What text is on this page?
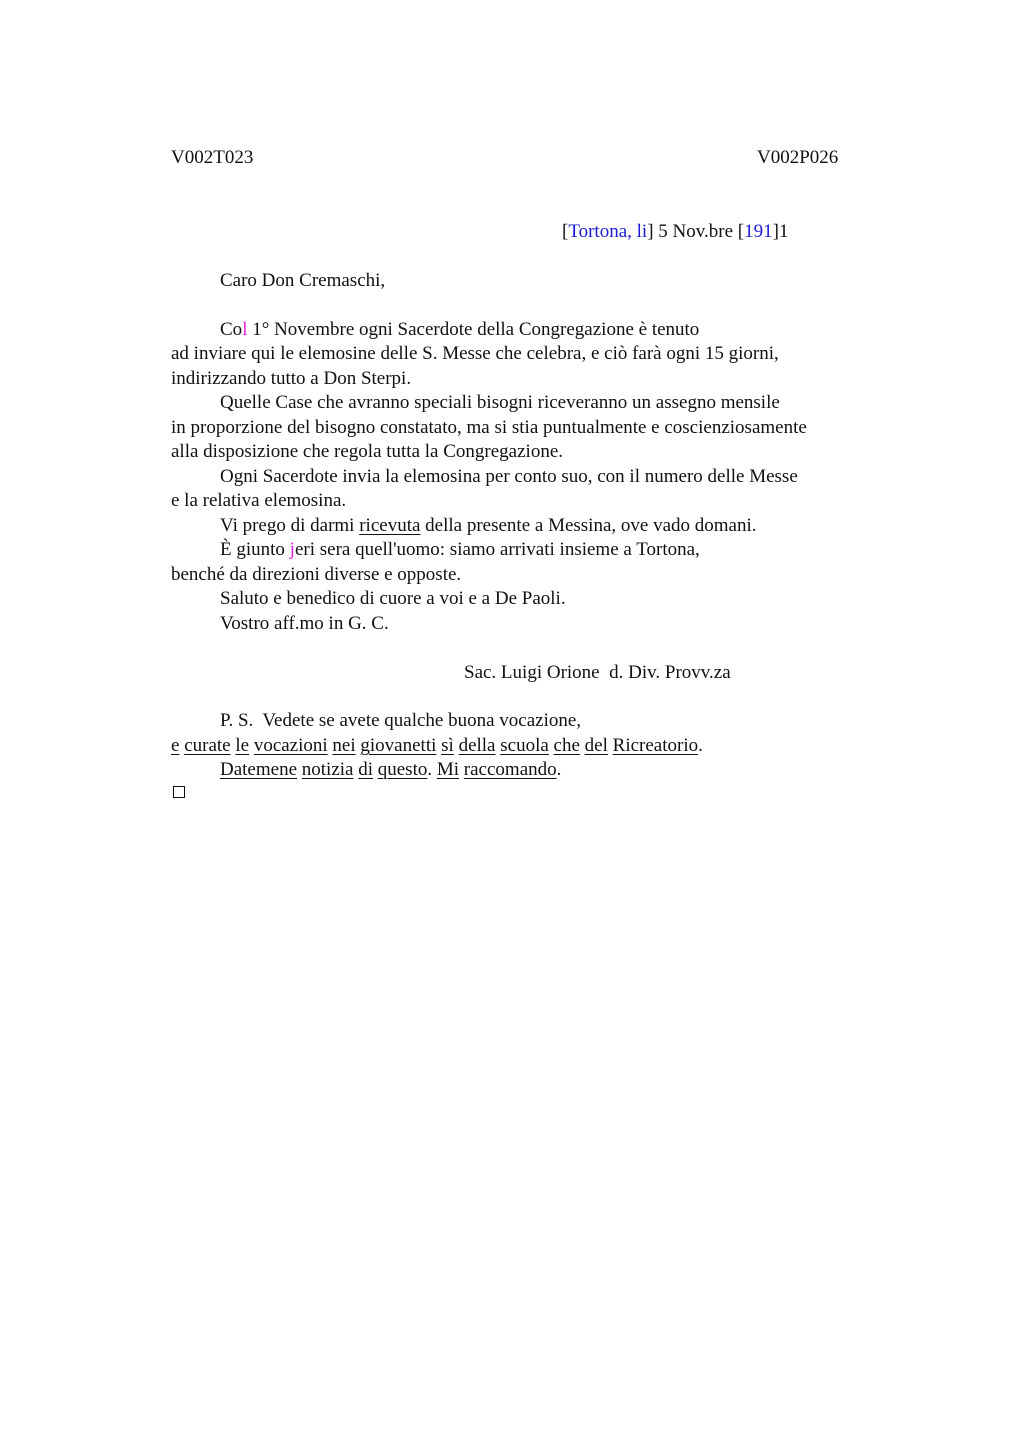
V002T023	V002P026
[Tortona, li] 5 Nov.bre [191]1
Caro Don Cremaschi,
Col 1° Novembre ogni Sacerdote della Congregazione è tenuto
ad inviare qui le elemosine delle S. Messe che celebra, e ciò farà ogni 15 giorni,
indirizzando tutto a Don Sterpi.
Quelle Case che avranno speciali bisogni riceveranno un assegno mensile
in proporzione del bisogno constatato, ma si stia puntualmente e coscienziosamente
alla disposizione che regola tutta la Congregazione.
Ogni Sacerdote invia la elemosina per conto suo, con il numero delle Messe
e la relativa elemosina.
Vi prego di darmi ricevuta della presente a Messina, ove vado domani.
È giunto jeri sera quell'uomo: siamo arrivati insieme a Tortona,
benché da direzioni diverse e opposte.
Saluto e benedico di cuore a voi e a De Paoli.
Vostro aff.mo in G. C.
Sac. Luigi Orione  d. Div. Provv.za
P. S.  Vedete se avete qualche buona vocazione,
e curate le vocazioni nei giovanetti sì della scuola che del Ricreatorio.
Datemene notizia di questo. Mi raccomando.
